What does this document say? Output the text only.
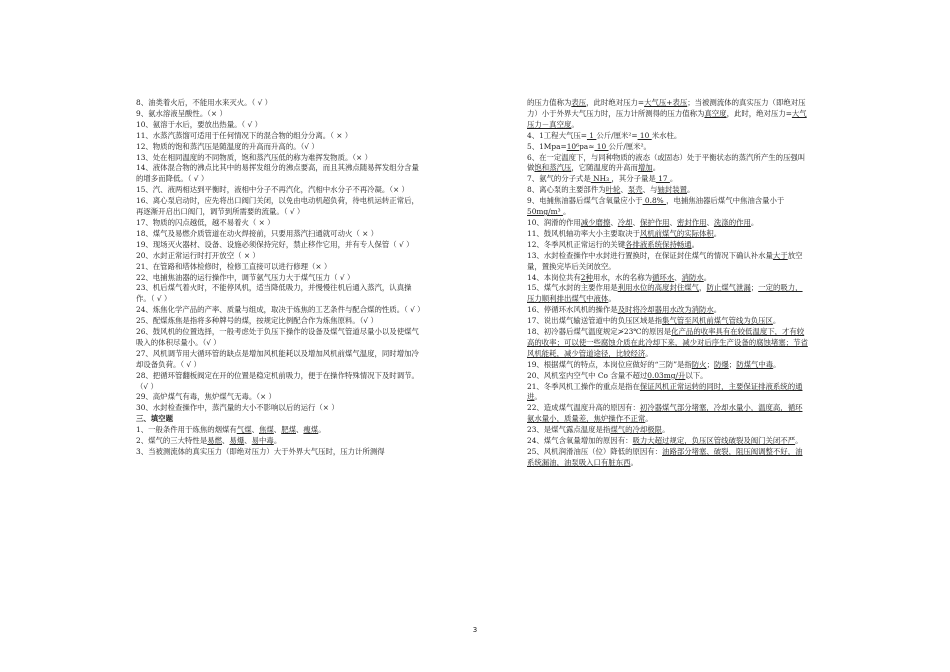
8、油类着火后，不能用水来灭火。（ √ ）
9、氨水溶液呈酸性。（× ）
10、氨溶于水后，要放出热量。（ √ ）
11、水蒸汽蒸馏可适用于任何情况下的混合物的组分分离。（ × ）
12、物质的饱和蒸汽压是随温度的升高而升高的。（√ ）
13、处在相同温度的不同物质，饱和蒸汽压低的称为难挥发物质。（× ）
14、液体混合物的沸点比其中的易挥发组分的沸点要高，而且其沸点随易挥发组分含量的增多而降低。（ √ ）
15、汽、液两相达到平衡时，液相中分子不再汽化，汽相中水分子不再冷凝。（× ）
16、离心泵启动时，应先将出口阀门关闭，以免由电动机超负荷，待电机运转正常后，再逐渐开启出口阀门，调节到所需要的流量。（ √ ）
17、物质的闪点越低，越不易着火（ × ）
18、煤气及易燃介质管道在动火焊接前，只要用蒸汽扫通就可动火（ × ）
19、现场灭火器材、设备、设施必须保持完好，禁止移作它用，并有专人保管（ √ ）
20、水封正常运行时打开放空（ × ）
21、在管路和塔体检修时，检修工直接可以进行修理（× ）
22、电捕焦油器的运行操作中，调节氨气压力大于煤气压力（ √ ）
23、机后煤气着火时，不能停风机，适当降低吸力，并慢慢往机后通入蒸汽，认真操作。（ √ ）
24、炼焦化学产品的产率、质量与组成，取决于炼焦的工艺条件与配合煤的性质。（ √ ）
25、配煤炼焦是指将多种牌号的煤，按规定比例配合作为炼焦原料。（√ ）
26、鼓风机的位置选择，一般考虑处于负压下操作的设备及煤气管道尽量小以及使煤气吸入的体积尽量小。（√ ）
27、风机调节用大循环管的缺点是增加风机能耗以及增加风机前煤气温度，同时增加冷却设备负荷。（ √ ）
28、把循环管翻板阀定在开的位置是稳定机前吸力，便于在操作特殊情况下及时调节。（√ ）
29、高炉煤气有毒，焦炉煤气无毒。（× ）
30、水封检查操作中，蒸汽量的大小不影响以后的运行（× ）
三、填空题
1、一般条件用于炼焦的烟煤有气煤、焦煤、肥煤、瘦煤。
2、煤气的三大特性是易燃、易爆、易中毒。
3、当被测流体的真实压力（即绝对压力）大于外界大气压时，压力计所测得
的压力值称为表压，此时绝对压力=大气压+表压；当被测流体的真实压力（即绝对压力）小于外界大气压力时，压力计所测得的压力值称为真空度，此时，绝对压力=大气压力－真空度。
4、1工程大气压= 1 公斤/厘米²= 10 米水柱。
5、1Mpa=10⁶pa≈ 10 公斤/厘米²。
6、在一定温度下，与同种物质的液态（或固态）处于平衡状态的蒸汽所产生的压强叫做饱和蒸汽压，它随温度的升高而增加。
7、氨气的分子式是 NH₃ ，其分子量是 17 。
8、离心泵的主要部件为叶轮、泵壳、与轴封装置。
9、电捕焦油器后煤气含氧量应小于 0.8% ，电捕焦油器后煤气中焦油含量小于 50mg/m³ 。
10、润滑的作用减少磨擦、冷却、保护作用、密封作用、洗涤的作用。
11、鼓风机轴功率大小主要取决于风机前煤气的实际体积。
12、冬季风机正常运行的关键各排液系统保持畅通。
13、水封检查操作中水封进行置换时，在保证封住煤气的情况下确认补水量大于放空量，置换完毕后关闭放空。
14、本岗位共有2种用水，水的名称为循环水、消防水。
15、煤气水封的主要作用是利用水位的高度封住煤气，防止煤气泄漏；一定的吸力，压力顺利排出煤气中液体。
16、停循环水风机的操作是及时将冷却器用水改为消防水。
17、说出煤气输送管道中的负压区域是指集气管至风机前煤气管线为负压区。
18、初冷器后煤气温度规定≯23℃的原因是化产品的收率具有在较低温度下，才有较高的收率；可以使一些腐蚀介质在此冷却下来，减少对后序生产设备的腐蚀堵塞；节省风机能耗，减少管道途径，比较经济。
19、根据煤气的特点，本岗位应做好的“三防”是指防火；防爆；防煤气中毒。
20、风机室内空气中 Co 含量不超过0.03mg/升以下。
21、冬季风机工操作的重点是指在保证风机正常运转的同时，主要保证排液系统的通进。
22、造成煤气温度升高的原因有：初冷器煤气部分堵塞，冷却水量小，温度高，循环氨水量小，质量差，焦炉操作不正常。
23、是煤气露点温度是指煤气的冷却极限。
24、煤气含氧量增加的原因有：吸力大超过规定，负压区管线破裂及阀门关闭不严。
25、风机润滑油压（位）降低的原因有：油路部分堵塞、破裂，阻压阀调整不好，油系统漏油，油泵吸入口有脏东西。
3
